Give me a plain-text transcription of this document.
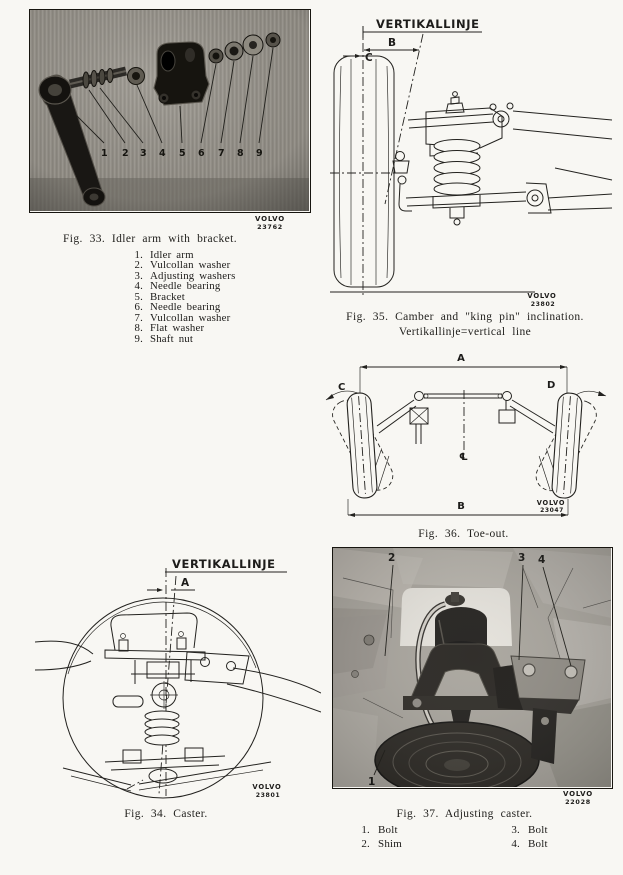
1 2 3 4 5 6 7 8 9
VOLVO
23762
Fig. 33. Idler arm with bracket.
1. Idler arm
2. Vulcollan washer
3. Adjusting washers
4. Needle bearing
5. Bracket
6. Needle bearing
7. Vulcollan washer
8. Flat washer
9. Shaft nut
VERTIKALLINJE
B
C
VOLVO
23802
Fig. 35. Camber and "king pin" inclination.
Vertikallinje=vertical line
A
C	D
℄
B	VOLVO
23047
Fig. 36. Toe-out.
VERTIKALLINJE
A
VOLVO
23801
Fig. 34. Caster.
VOLVO
22028
Fig. 37. Adjusting caster.
1. Bolt
2. Shim
3. Bolt
4. Bolt
